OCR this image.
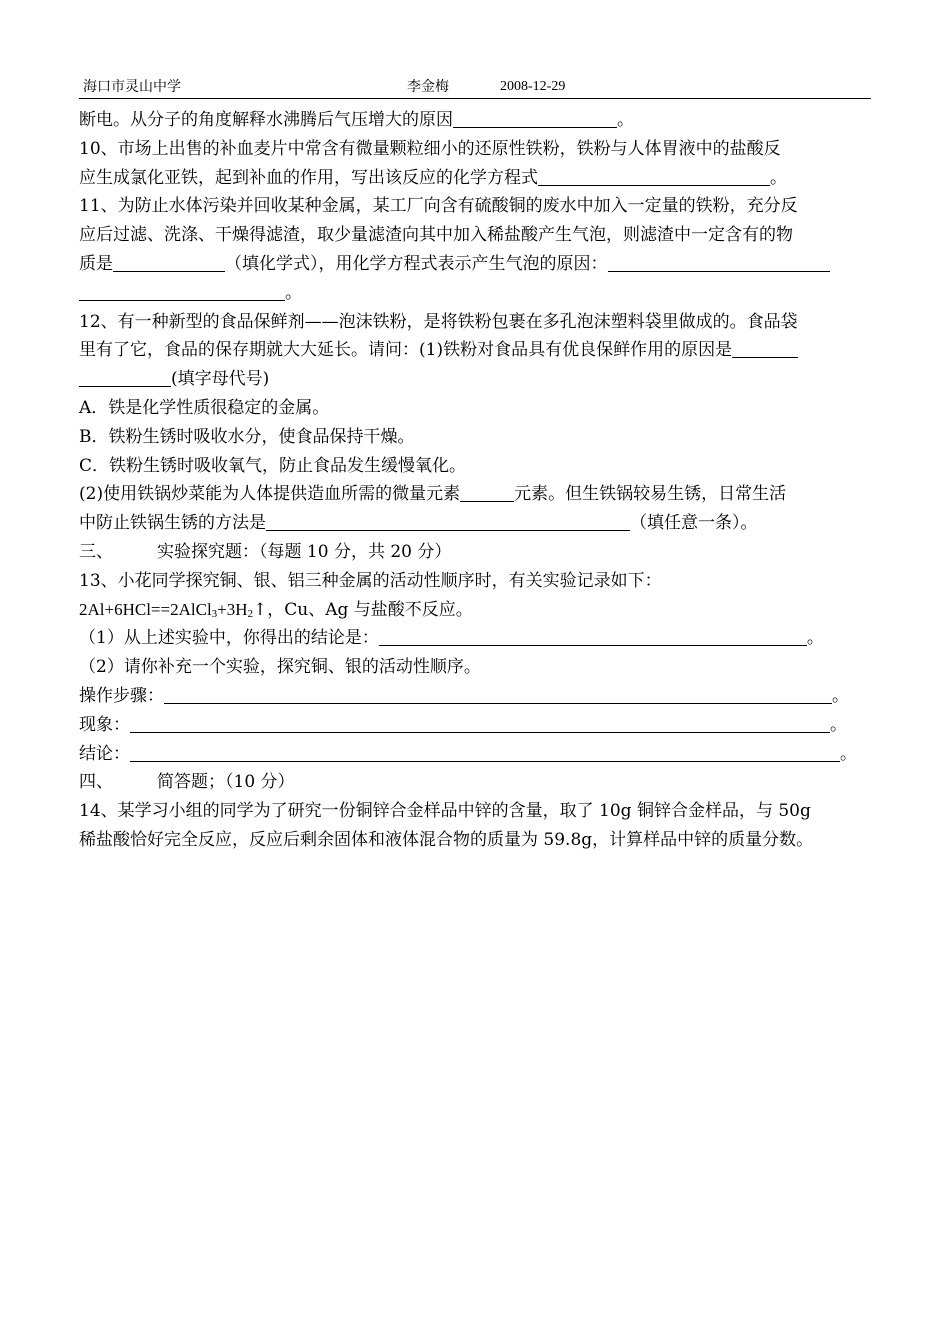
海口市灵山中学	李金梅	2008-12-29
断电。从分子的角度解释水沸腾后气压增大的原因	。
10、市场上出售的补血麦片中常含有微量颗粒细小的还原性铁粉，铁粉与人体胃液中的盐酸反
应生成氯化亚铁，起到补血的作用，写出该反应的化学方程式	。
11、为防止水体污染并回收某种金属，某工厂向含有硫酸铜的废水中加入一定量的铁粉，充分反
应后过滤、洗涤、干燥得滤渣，取少量滤渣向其中加入稀盐酸产生气泡，则滤渣中一定含有的物
质是	（填化学式），用化学方程式表示产生气泡的原因：
。
12、有一种新型的食品保鲜剂——泡沫铁粉，是将铁粉包裹在多孔泡沫塑料袋里做成的。食品袋
里有了它，食品的保存期就大大延长。请问：(1)铁粉对食品具有优良保鲜作用的原因是
(填字母代号)
A．铁是化学性质很稳定的金属。
B．铁粉生锈时吸收水分，使食品保持干燥。
C．铁粉生锈时吸收氧气，防止食品发生缓慢氧化。
(2)使用铁锅炒菜能为人体提供造血所需的微量元素	元素。但生铁锅较易生锈，日常生活
中防止铁锅生锈的方法是	（填任意一条）。
三、	实验探究题：（每题 10 分，共 20 分）
13、小花同学探究铜、银、铝三种金属的活动性顺序时，有关实验记录如下：
$2Al+6HCl==2AlCl_3+3H_2↑$，Cu、Ag 与盐酸不反应。
（1）从上述实验中，你得出的结论是：	。
（2）请你补充一个实验，探究铜、银的活动性顺序。
操作步骤：	。
现象：	。
结论：	。
四、	简答题；（10 分）
14、某学习小组的同学为了研究一份铜锌合金样品中锌的含量，取了 10g 铜锌合金样品，与 50g
稀盐酸恰好完全反应，反应后剩余固体和液体混合物的质量为 59.8g，计算样品中锌的质量分数。
